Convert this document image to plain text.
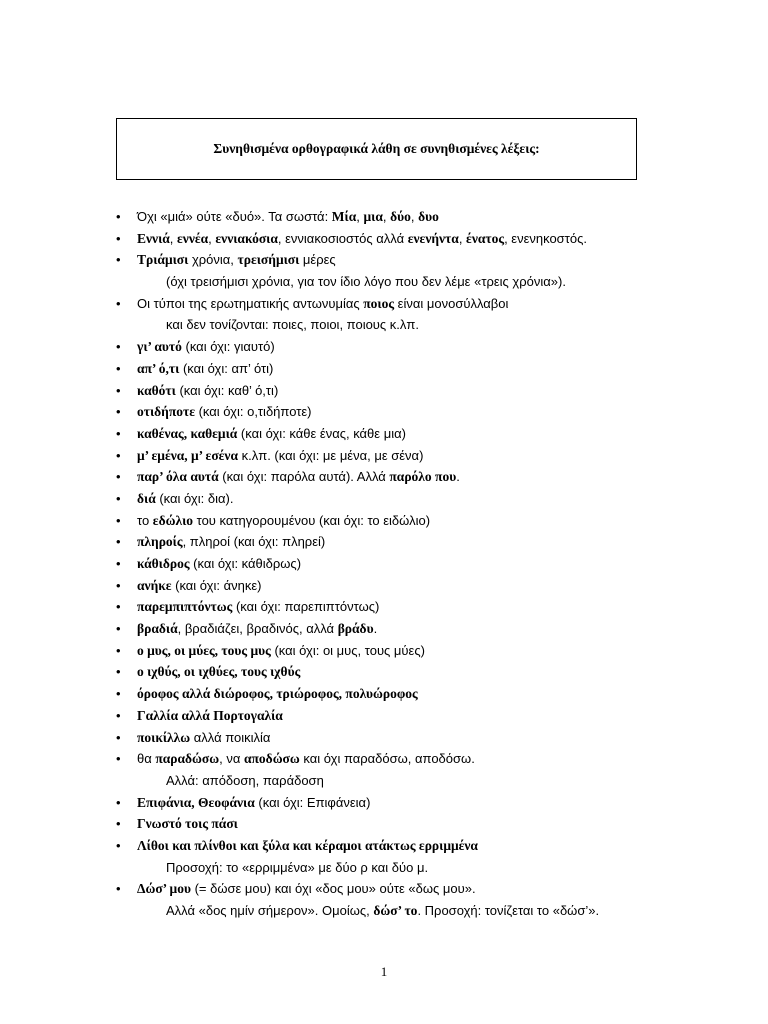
Συνηθισμένα ορθογραφικά λάθη σε συνηθισμένες λέξεις:
• Όχι «μιά» ούτε «δυό». Τα σωστά: Μία, μια, δύο, δυο
• Εννιά, εννέα, εννιακόσια, εννιακοσιοστός αλλά ενενήντα, ένατος, ενενηκοστός.
• Τριάμισι χρόνια, τρεισήμισι μέρες
(όχι τρεισήμισι χρόνια, για τον ίδιο λόγο που δεν λέμε «τρεις χρόνια»).
• Οι τύποι της ερωτηματικής αντωνυμίας ποιος είναι μονοσύλλαβοι
και δεν τονίζονται: ποιες, ποιοι, ποιους κ.λπ.
• γι’ αυτό (και όχι: γιαυτό)
• απ’ ό,τι (και όχι: απ’ ότι)
• καθότι (και όχι: καθ’ ό,τι)
• οτιδήποτε (και όχι: ο,τιδήποτε)
• καθένας, καθεμιά (και όχι: κάθε ένας, κάθε μια)
• μ’ εμένα, μ’ εσένα κ.λπ. (και όχι: με μένα, με σένα)
• παρ’ όλα αυτά (και όχι: παρόλα αυτά). Αλλά παρόλο που.
• διά (και όχι: δια).
• το εδώλιο του κατηγορουμένου (και όχι: το ειδώλιο)
• πληροίς, πληροί (και όχι: πληρεί)
• κάθιδρος (και όχι: κάθιδρως)
• ανήκε (και όχι: άνηκε)
• παρεμπιπτόντως (και όχι: παρεπιπτόντως)
• βραδιά, βραδιάζει, βραδινός, αλλά βράδυ.
• ο μυς, οι μύες, τους μυς (και όχι: οι μυς, τους μύες)
• ο ιχθύς, οι ιχθύες, τους ιχθύς
• όροφος αλλά διώροφος, τριώροφος, πολυώροφος
• Γαλλία αλλά Πορτογαλία
• ποικίλλω αλλά ποικιλία
• θα παραδώσω, να αποδώσω και όχι παραδόσω, αποδόσω.
Αλλά: απόδοση, παράδοση
• Επιφάνια, Θεοφάνια (και όχι: Επιφάνεια)
• Γνωστό τοις πάσι
• Λίθοι και πλίνθοι και ξύλα και κέραμοι ατάκτως ερριμμένα
Προσοχή: το «ερριμμένα» με δύο ρ και δύο μ.
• Δώσ’ μου (= δώσε μου) και όχι «δος μου» ούτε «δως μου».
Αλλά «δος ημίν σήμερον». Ομοίως, δώσ’ το. Προσοχή: τονίζεται το «δώσ’».
1
